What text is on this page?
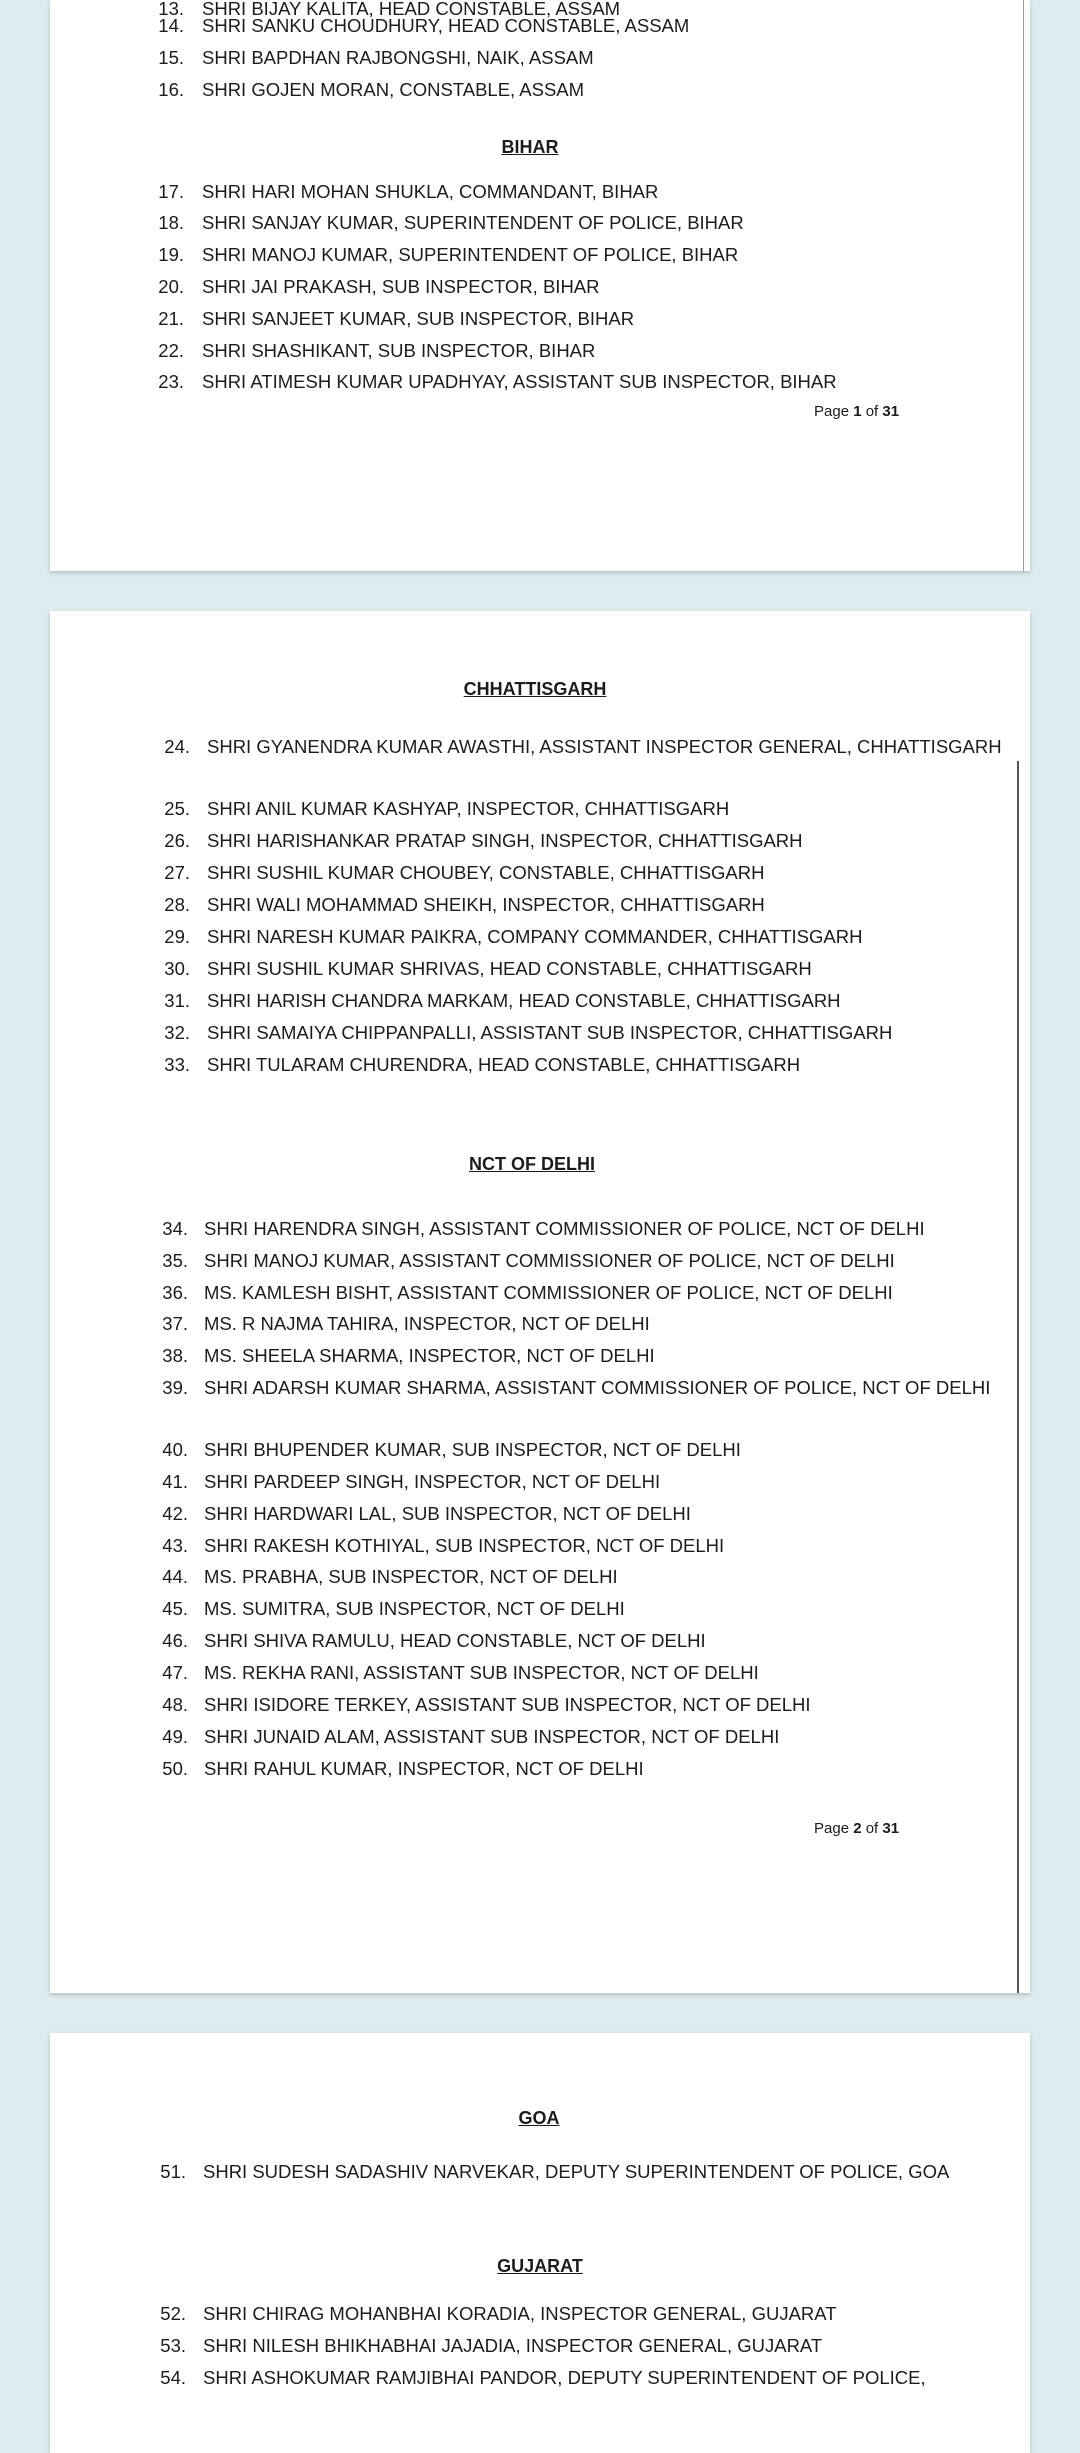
13. SHRI BIJAY KALITA, HEAD CONSTABLE, ASSAM
14. SHRI SANKU CHOUDHURY, HEAD CONSTABLE, ASSAM
15. SHRI BAPDHAN RAJBONGSHI, NAIK, ASSAM
16. SHRI GOJEN MORAN, CONSTABLE, ASSAM
BIHAR
17. SHRI HARI MOHAN SHUKLA, COMMANDANT, BIHAR
18. SHRI SANJAY KUMAR, SUPERINTENDENT OF POLICE, BIHAR
19. SHRI MANOJ KUMAR, SUPERINTENDENT OF POLICE, BIHAR
20. SHRI JAI PRAKASH, SUB INSPECTOR, BIHAR
21. SHRI SANJEET KUMAR, SUB INSPECTOR, BIHAR
22. SHRI SHASHIKANT, SUB INSPECTOR, BIHAR
23. SHRI ATIMESH KUMAR UPADHYAY, ASSISTANT SUB INSPECTOR, BIHAR
Page 1 of 31
CHHATTISGARH
24. SHRI GYANENDRA KUMAR AWASTHI, ASSISTANT INSPECTOR GENERAL, CHHATTISGARH
25. SHRI ANIL KUMAR KASHYAP, INSPECTOR, CHHATTISGARH
26. SHRI HARISHANKAR PRATAP SINGH, INSPECTOR, CHHATTISGARH
27. SHRI SUSHIL KUMAR CHOUBEY, CONSTABLE, CHHATTISGARH
28. SHRI WALI MOHAMMAD SHEIKH, INSPECTOR, CHHATTISGARH
29. SHRI NARESH KUMAR PAIKRA, COMPANY COMMANDER, CHHATTISGARH
30. SHRI SUSHIL KUMAR SHRIVAS, HEAD CONSTABLE, CHHATTISGARH
31. SHRI HARISH CHANDRA MARKAM, HEAD CONSTABLE, CHHATTISGARH
32. SHRI SAMAIYA CHIPPANPALLI, ASSISTANT SUB INSPECTOR, CHHATTISGARH
33. SHRI TULARAM CHURENDRA, HEAD CONSTABLE, CHHATTISGARH
NCT OF DELHI
34. SHRI HARENDRA SINGH, ASSISTANT COMMISSIONER OF POLICE, NCT OF DELHI
35. SHRI MANOJ KUMAR, ASSISTANT COMMISSIONER OF POLICE, NCT OF DELHI
36. MS. KAMLESH BISHT, ASSISTANT COMMISSIONER OF POLICE, NCT OF DELHI
37. MS. R NAJMA TAHIRA, INSPECTOR, NCT OF DELHI
38. MS. SHEELA SHARMA, INSPECTOR, NCT OF DELHI
39. SHRI ADARSH KUMAR SHARMA, ASSISTANT COMMISSIONER OF POLICE, NCT OF DELHI
40. SHRI BHUPENDER KUMAR, SUB INSPECTOR, NCT OF DELHI
41. SHRI PARDEEP SINGH, INSPECTOR, NCT OF DELHI
42. SHRI HARDWARI LAL, SUB INSPECTOR, NCT OF DELHI
43. SHRI RAKESH KOTHIYAL, SUB INSPECTOR, NCT OF DELHI
44. MS. PRABHA, SUB INSPECTOR, NCT OF DELHI
45. MS. SUMITRA, SUB INSPECTOR, NCT OF DELHI
46. SHRI SHIVA RAMULU, HEAD CONSTABLE, NCT OF DELHI
47. MS. REKHA RANI, ASSISTANT SUB INSPECTOR, NCT OF DELHI
48. SHRI ISIDORE TERKEY, ASSISTANT SUB INSPECTOR, NCT OF DELHI
49. SHRI JUNAID ALAM, ASSISTANT SUB INSPECTOR, NCT OF DELHI
50. SHRI RAHUL KUMAR, INSPECTOR, NCT OF DELHI
Page 2 of 31
GOA
51. SHRI SUDESH SADASHIV NARVEKAR, DEPUTY SUPERINTENDENT OF POLICE, GOA
GUJARAT
52. SHRI CHIRAG MOHANBHAI KORADIA, INSPECTOR GENERAL, GUJARAT
53. SHRI NILESH BHIKHABHAI JAJADIA, INSPECTOR GENERAL, GUJARAT
54. SHRI ASHOKUMAR RAMJIBHAI PANDOR, DEPUTY SUPERINTENDENT OF POLICE,
